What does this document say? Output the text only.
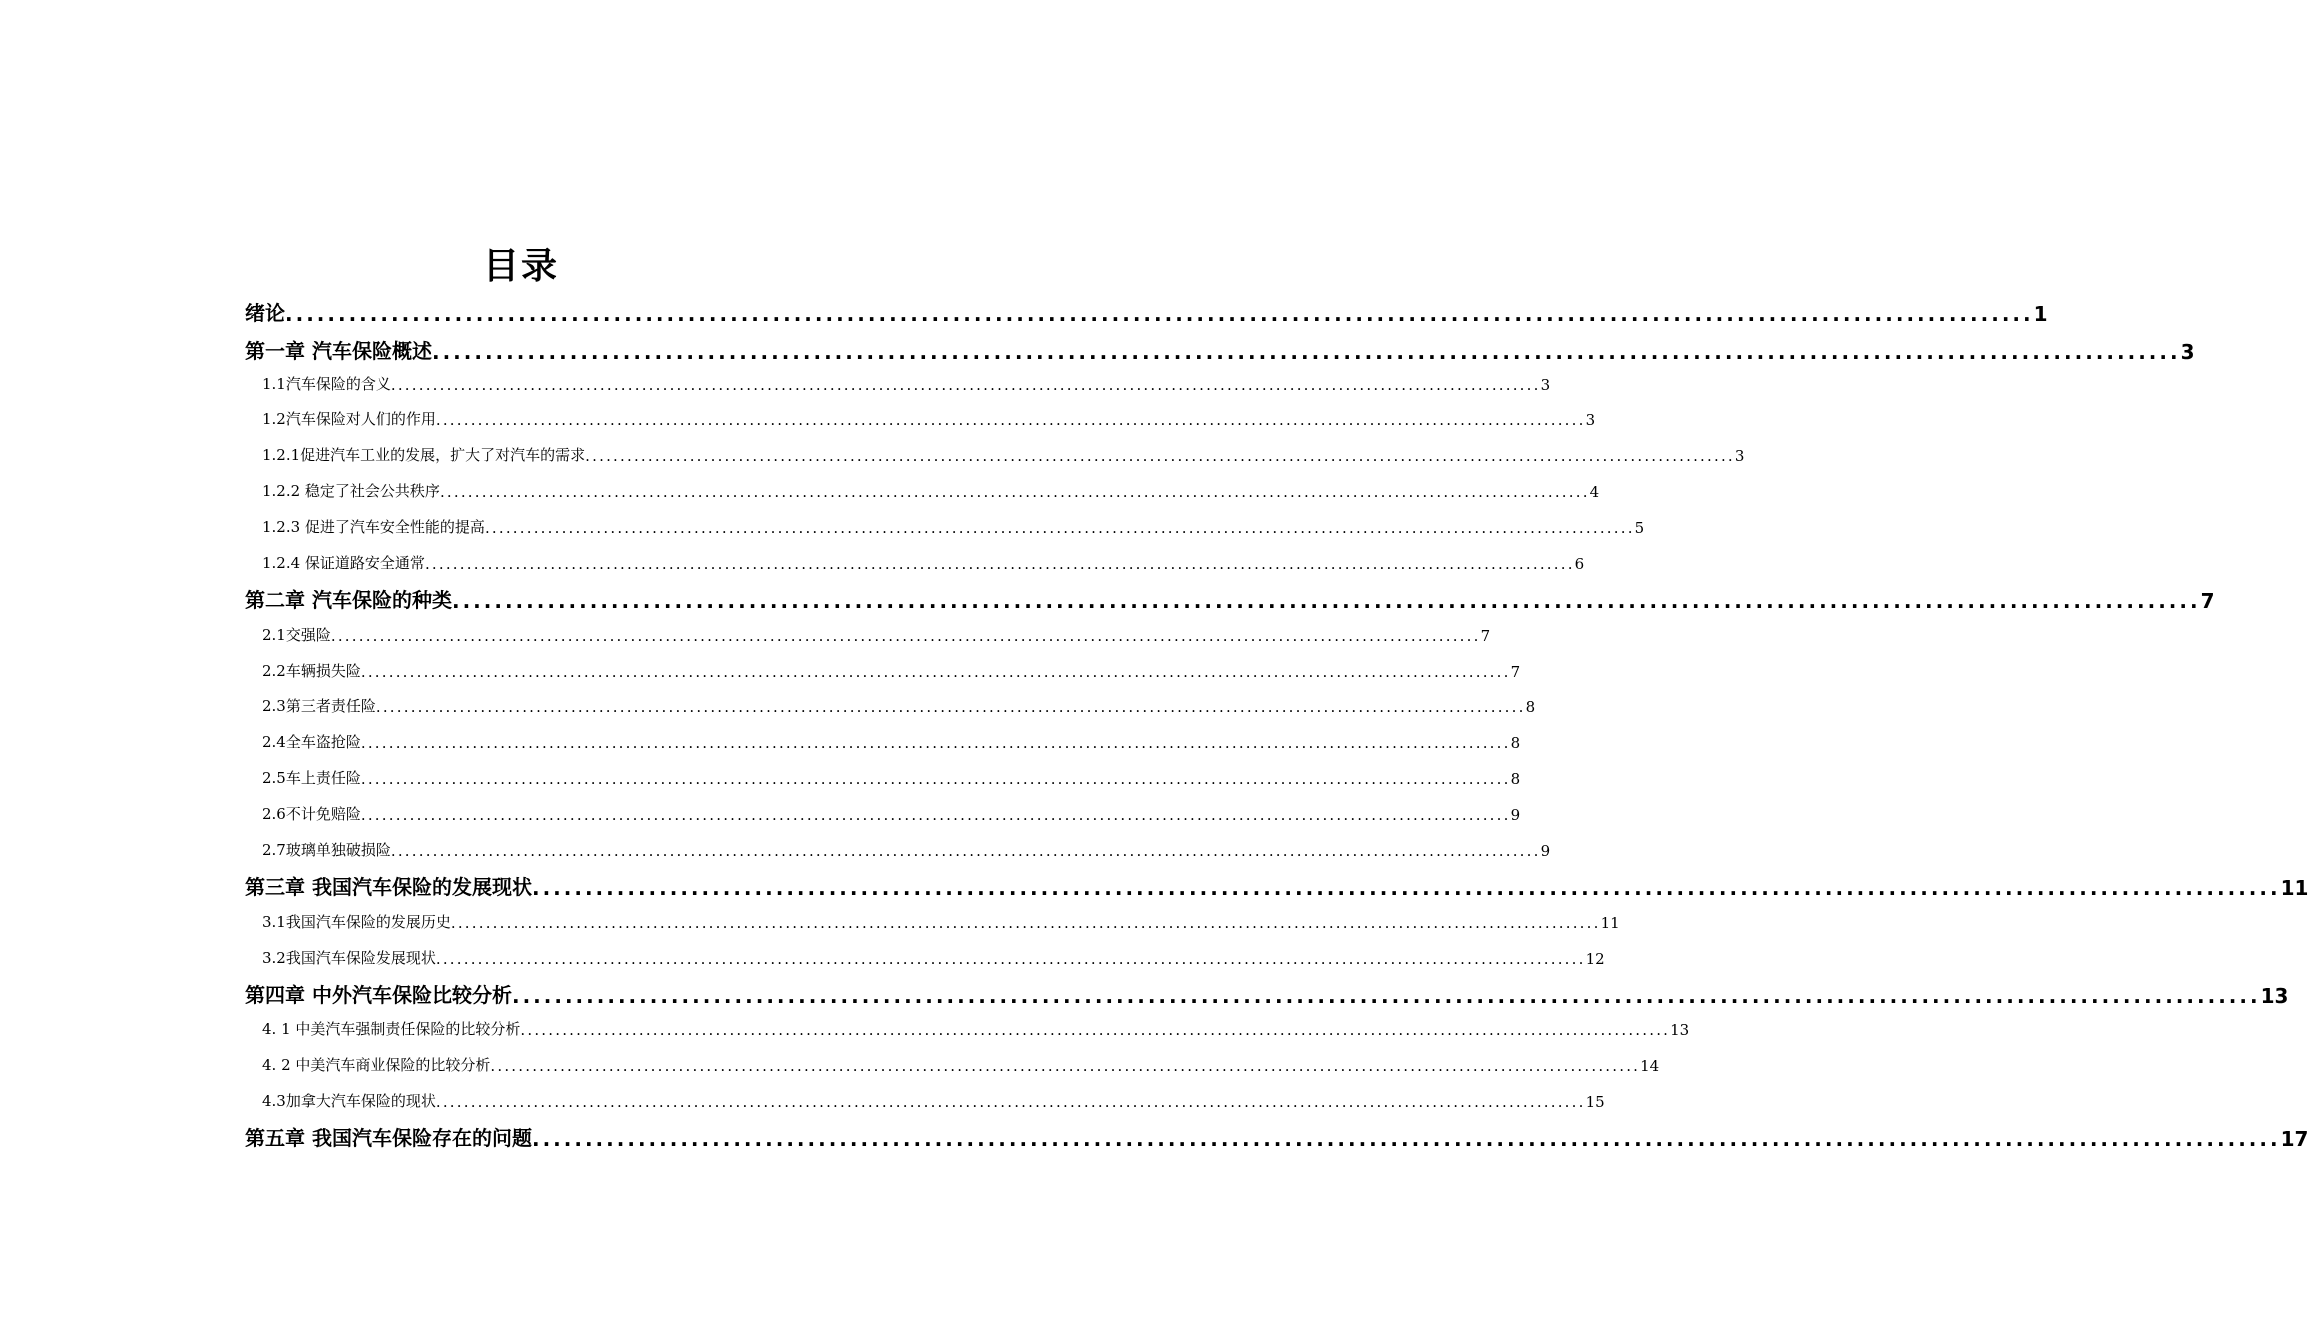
目录
绪论 ..................................................................................................................................................................... 1
第一章 汽车保险概述 ..................................................................................................................................................................... 3
1.1汽车保险的含义 ..................................................................................................................................................................... 3
1.2汽车保险对人们的作用 ..................................................................................................................................................................... 3
1.2.1促进汽车工业的发展，扩大了对汽车的需求 ..................................................................................................................................................................... 3
1.2.2 稳定了社会公共秩序 ..................................................................................................................................................................... 4
1.2.3 促进了汽车安全性能的提高 ..................................................................................................................................................................... 5
1.2.4 保证道路安全通常 ..................................................................................................................................................................... 6
第二章 汽车保险的种类 ..................................................................................................................................................................... 7
2.1交强险 ..................................................................................................................................................................... 7
2.2车辆损失险 ..................................................................................................................................................................... 7
2.3第三者责任险 ..................................................................................................................................................................... 8
2.4全车盗抢险 ..................................................................................................................................................................... 8
2.5车上责任险 ..................................................................................................................................................................... 8
2.6不计免赔险 ..................................................................................................................................................................... 9
2.7玻璃单独破损险 ..................................................................................................................................................................... 9
第三章 我国汽车保险的发展现状 ..................................................................................................................................................................... 11
3.1我国汽车保险的发展历史 ..................................................................................................................................................................... 11
3.2我国汽车保险发展现状 ..................................................................................................................................................................... 12
第四章 中外汽车保险比较分析 ..................................................................................................................................................................... 13
4. 1 中美汽车强制责任保险的比较分析 ..................................................................................................................................................................... 13
4. 2 中美汽车商业保险的比较分析 ..................................................................................................................................................................... 14
4.3加拿大汽车保险的现状 ..................................................................................................................................................................... 15
第五章 我国汽车保险存在的问题 ..................................................................................................................................................................... 17
